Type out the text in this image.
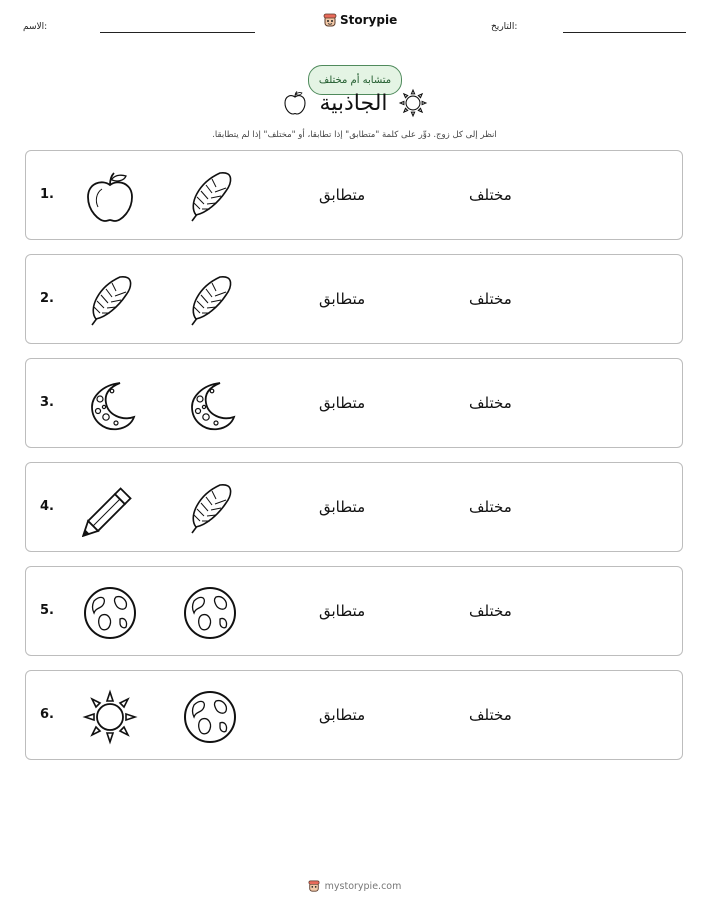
الاسم:	Storypie	التاريخ:
متشابه أم مختلف
الجاذبية
انظر إلى كل زوج. دوِّر على كلمة "متطابق" إذا تطابقا، أو "مختلف" إذا لم يتطابقا.
1.	متطابق	مختلف
2.	متطابق	مختلف
3.	متطابق	مختلف
4.	متطابق	مختلف
5.	متطابق	مختلف
6.	متطابق	مختلف
mystorypie.com
